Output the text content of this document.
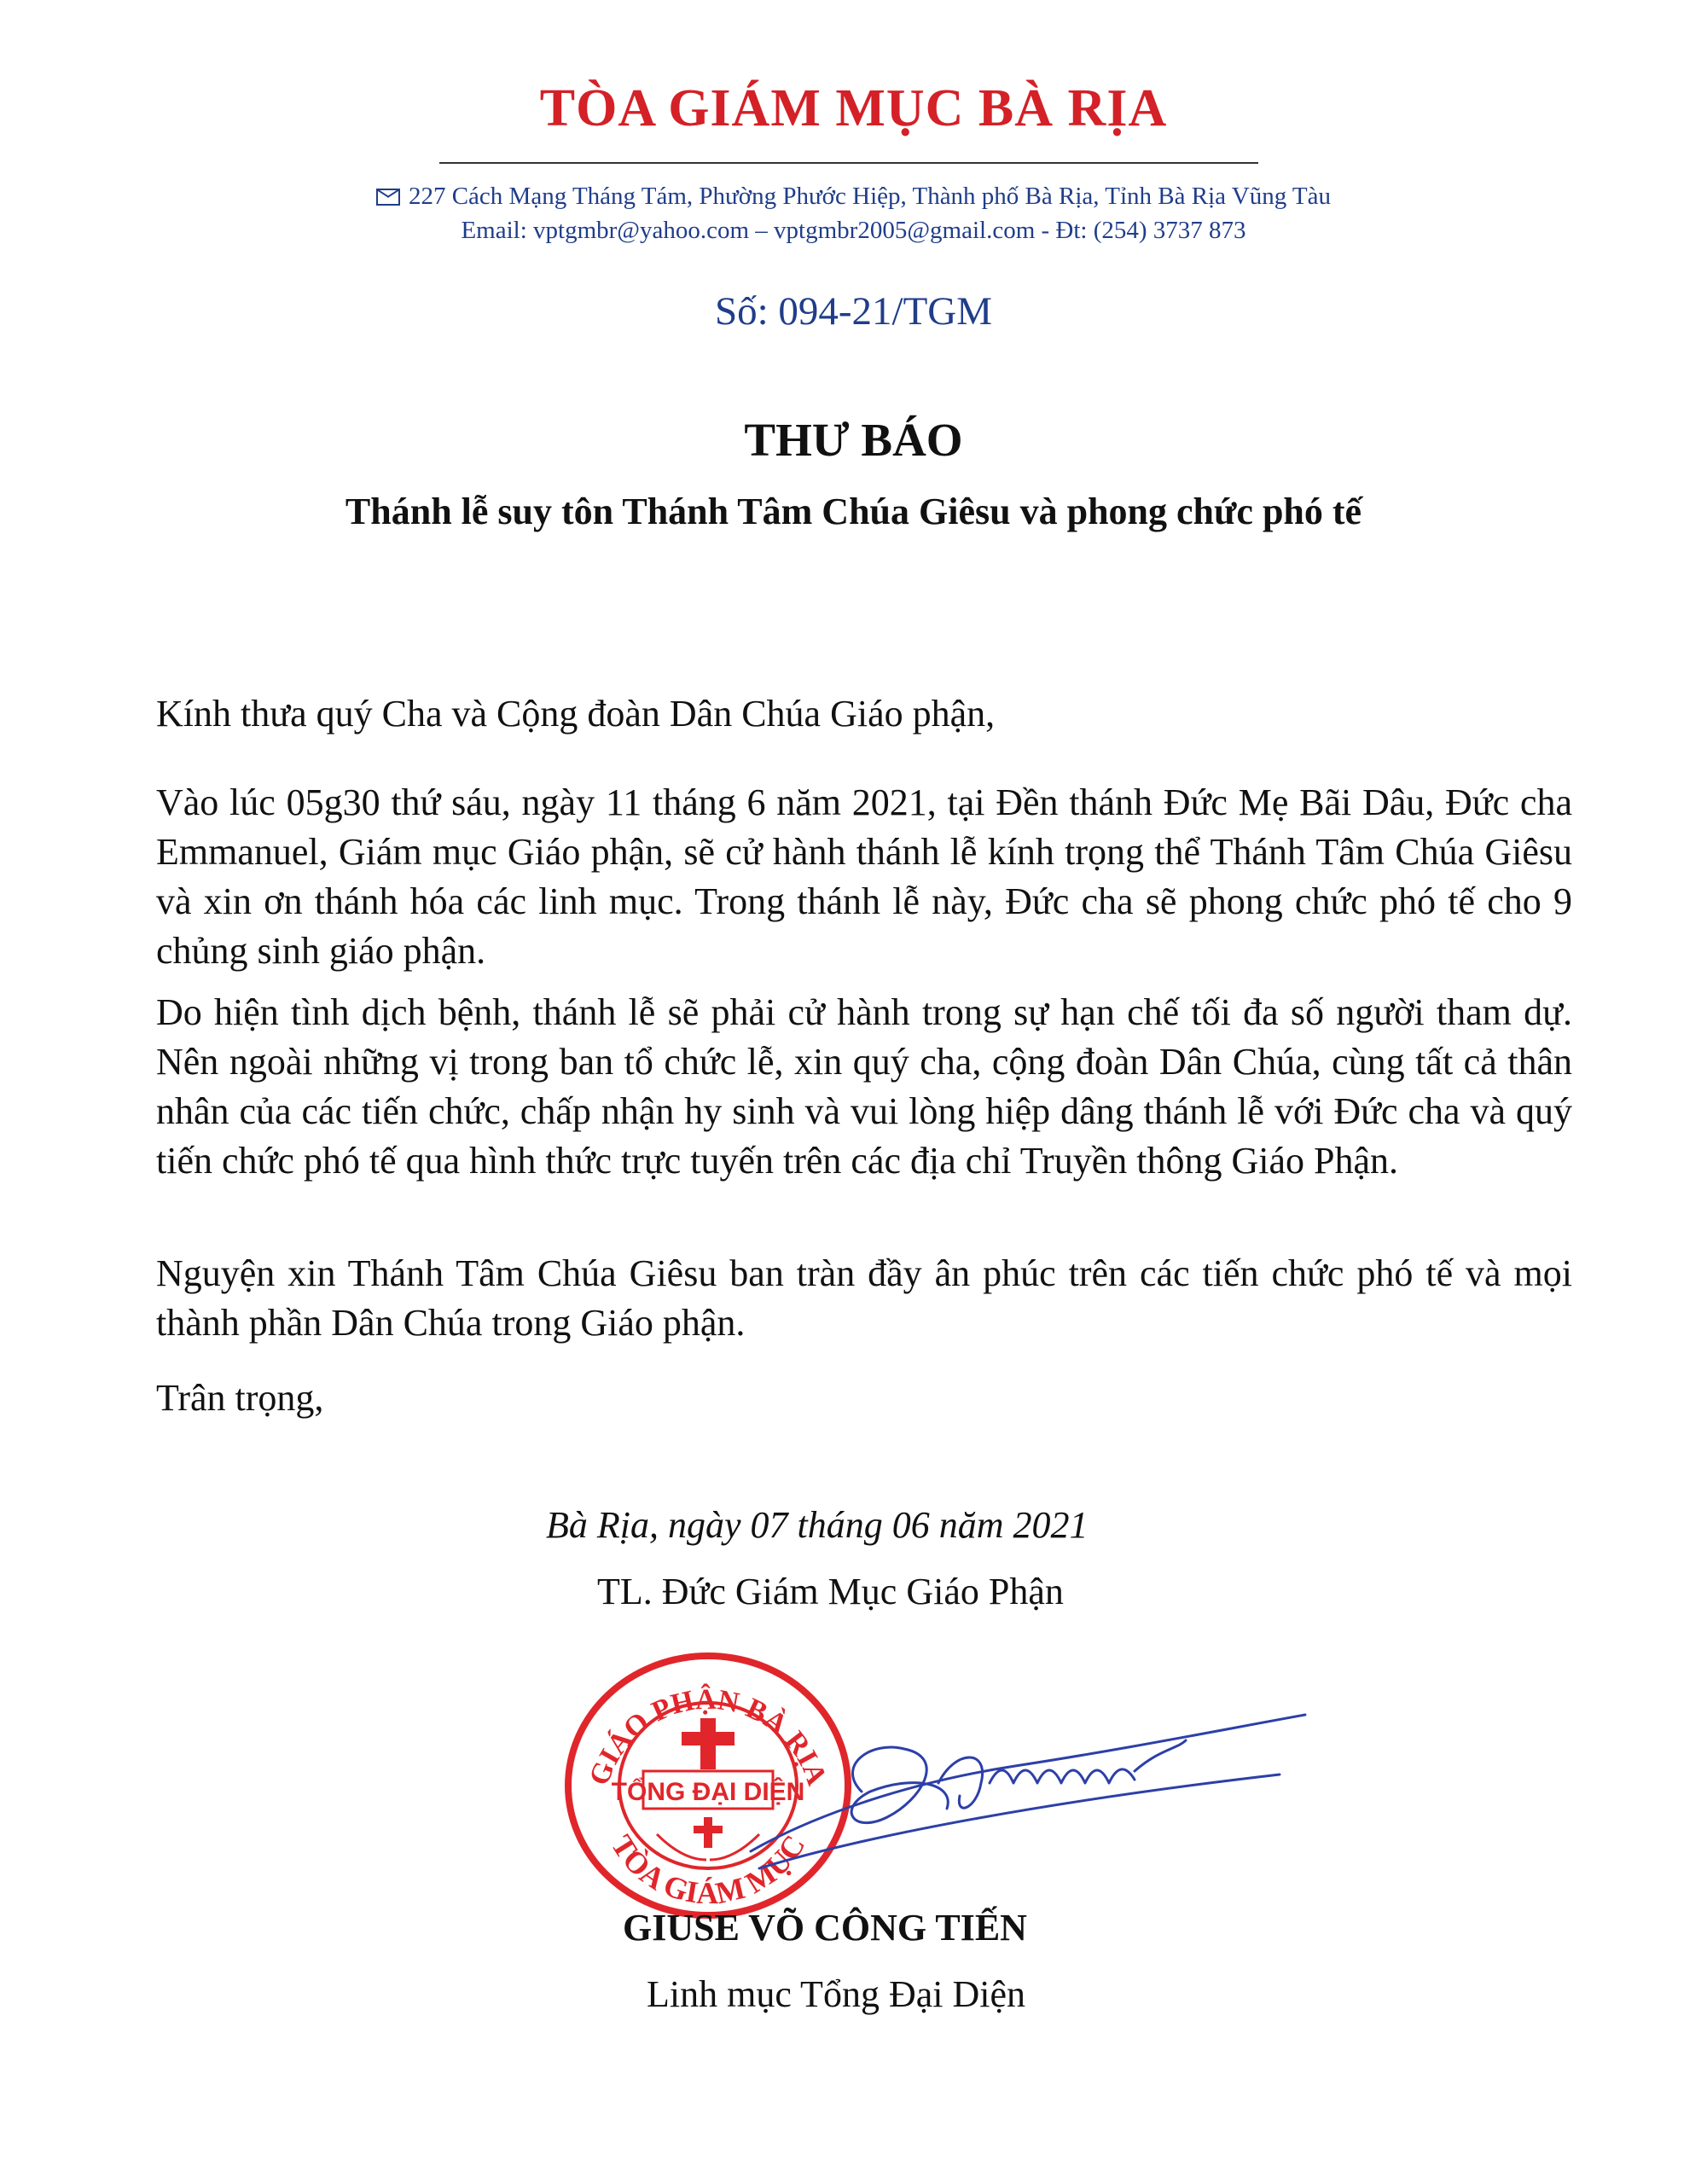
TÒA GIÁM MỤC BÀ RỊA
227 Cách Mạng Tháng Tám, Phường Phước Hiệp, Thành phố Bà Rịa, Tỉnh Bà Rịa Vũng Tàu
Email: vptgmbr@yahoo.com – vptgmbr2005@gmail.com - Đt: (254) 3737 873
Số: 094-21/TGM
THƯ BÁO
Thánh lễ suy tôn Thánh Tâm Chúa Giêsu và phong chức phó tế
Kính thưa quý Cha và Cộng đoàn Dân Chúa Giáo phận,
Vào lúc 05g30 thứ sáu, ngày 11 tháng 6 năm 2021, tại Đền thánh Đức Mẹ Bãi Dâu, Đức cha Emmanuel, Giám mục Giáo phận, sẽ cử hành thánh lễ kính trọng thể Thánh Tâm Chúa Giêsu và xin ơn thánh hóa các linh mục. Trong thánh lễ này, Đức cha sẽ phong chức phó tế cho 9 chủng sinh giáo phận.
Do hiện tình dịch bệnh, thánh lễ sẽ phải cử hành trong sự hạn chế tối đa số người tham dự. Nên ngoài những vị trong ban tổ chức lễ, xin quý cha, cộng đoàn Dân Chúa, cùng tất cả thân nhân của các tiến chức, chấp nhận hy sinh và vui lòng hiệp dâng thánh lễ với Đức cha và quý tiến chức phó tế qua hình thức trực tuyến trên các địa chỉ Truyền thông Giáo Phận.
Nguyện xin Thánh Tâm Chúa Giêsu ban tràn đầy ân phúc trên các tiến chức phó tế và mọi thành phần Dân Chúa trong Giáo phận.
Trân trọng,
Bà Rịa, ngày 07 tháng 06 năm 2021
TL. Đức Giám Mục Giáo Phận
GIÁO PHẬN BÀ RỊA
TÒA GIÁM MỤC
TỔNG ĐẠI DIỆN
GIUSE VÕ CÔNG TIẾN
Linh mục Tổng Đại Diện
